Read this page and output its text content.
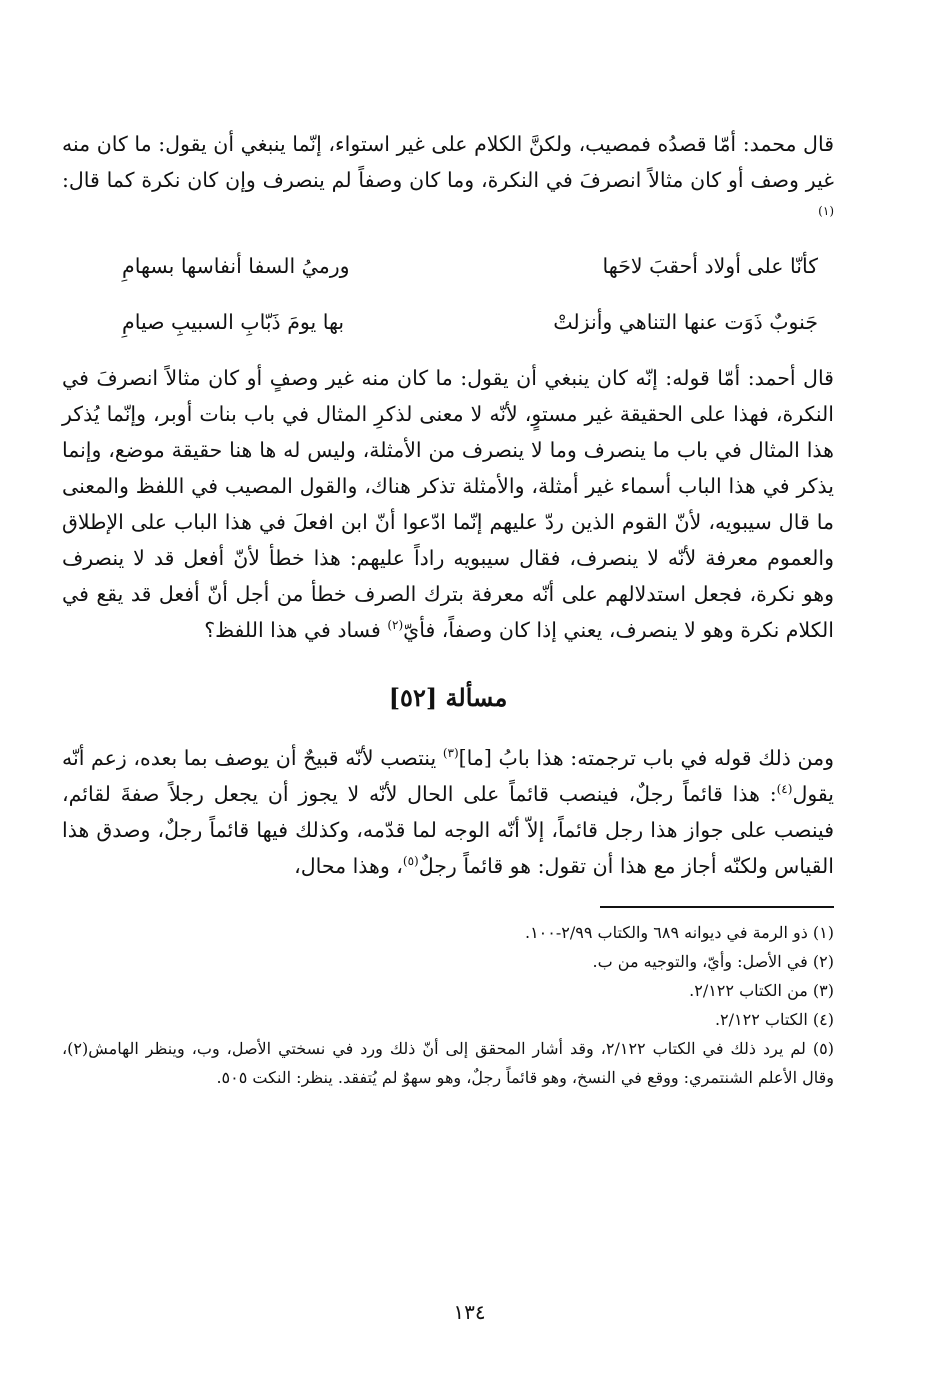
قال محمد: أمّا قصدُه فمصيب، ولكنَّ الكلام على غير استواء، إنّما ينبغي أن يقول: ما كان منه غير وصف أو كان مثالاً انصرفَ في النكرة، وما كان وصفاً لم ينصرف وإن كان نكرة كما قال:$^{(١)}$

كأنّا على أولاد أحقبَ لاحَها
ورميُ السفا أنفاسها بسهامِ
جَنوبٌ ذَوَت عنها التناهي وأنزلتْ
بها يومَ ذَبّابِ السبيبِ صيامِ

قال أحمد: أمّا قوله: إنّه كان ينبغي أن يقول: ما كان منه غير وصفٍ أو كان مثالاً انصرفَ في النكرة، فهذا على الحقيقة غير مستوٍ، لأنّه لا معنى لذكرِ المثال في باب بنات أوبر، وإنّما يُذكر هذا المثال في باب ما ينصرف وما لا ينصرف من الأمثلة، وليس له ها هنا حقيقة موضع، وإنما يذكر في هذا الباب أسماء غير أمثلة، والأمثلة تذكر هناك، والقول المصيب في اللفظ والمعنى ما قال سيبويه، لأنّ القوم الذين ردّ عليهم إنّما ادّعوا أنّ ابن افعلَ في هذا الباب على الإطلاق والعموم معرفة لأنّه لا ينصرف، فقال سيبويه راداً عليهم: هذا خطأ لأنّ أفعل قد لا ينصرف وهو نكرة، فجعل استدلالهم على أنّه معرفة بترك الصرف خطأ من أجل أنّ أفعل قد يقع في الكلام نكرة وهو لا ينصرف، يعني إذا كان وصفاً، فأيّ$^{(٢)}$ فساد في هذا اللفظ؟

مسألة [٥٢]

ومن ذلك قوله في باب ترجمته: هذا بابُ [ما]$^{(٣)}$ ينتصب لأنّه قبيحٌ أن يوصف بما بعده، زعم أنّه يقول$^{(٤)}$: هذا قائماً رجلٌ، فينصب قائماً على الحال لأنّه لا يجوز أن يجعل رجلاً صفةَ لقائم، فينصب على جواز هذا رجل قائماً، إلاّ أنّه الوجه لما قدّمه، وكذلك فيها قائماً رجلٌ، وصدق هذا القياس ولكنّه أجاز مع هذا أن تقول: هو قائماً رجلٌ$^{(٥)}$، وهذا محال،

(١) ذو الرمة في ديوانه ٦٨٩ والكتاب ٢/٩٩-١٠٠.

(٢) في الأصل: وأيّ، والتوجيه من ب.

(٣) من الكتاب ٢/١٢٢.

(٤) الكتاب ٢/١٢٢.

(٥) لم يرد ذلك في الكتاب ٢/١٢٢، وقد أشار المحقق إلى أنّ ذلك ورد في نسختي الأصل، وب، وينظر الهامش(٢)، وقال الأعلم الشنتمري: ووقع في النسخ، وهو قائماً رجلٌ، وهو سهوٌ لم يُتفقد. ينظر: النكت ٥٠٥.

١٣٤
